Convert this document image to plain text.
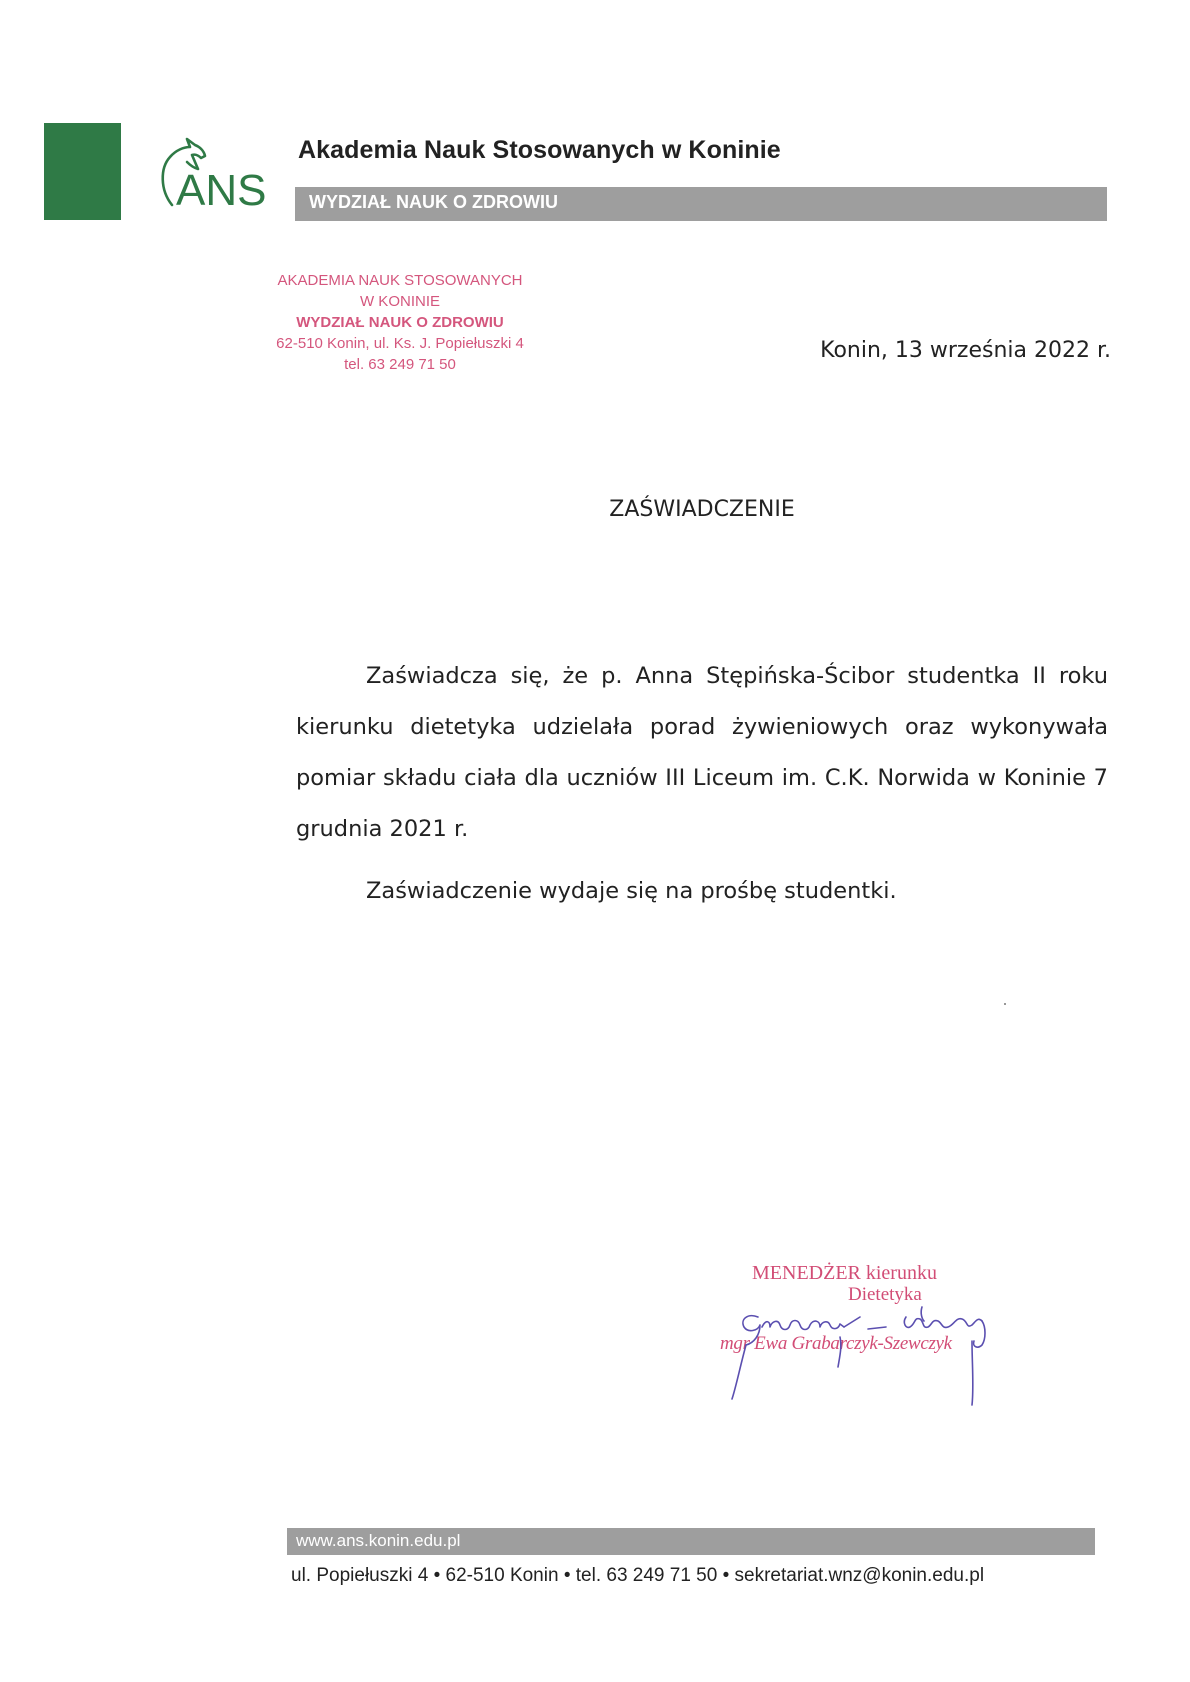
ANS
Akademia Nauk Stosowanych w Koninie
WYDZIAŁ NAUK O ZDROWIU
AKADEMIA NAUK STOSOWANYCH
W KONINIE
WYDZIAŁ NAUK O ZDROWIU
62-510 Konin, ul. Ks. J. Popiełuszki 4
tel. 63 249 71 50
Konin, 13 września 2022 r.
ZAŚWIADCZENIE
Zaświadcza się, że p. Anna Stępińska-Ścibor studentka II roku kierunku dietetyka udzielała porad żywieniowych oraz wykonywała pomiar składu ciała dla uczniów III Liceum im. C.K. Norwida w Koninie 7 grudnia 2021 r.
Zaświadczenie wydaje się na prośbę studentki.
MENEDŻER kierunku
Dietetyka
mgr Ewa Grabarczyk-Szewczyk
www.ans.konin.edu.pl
ul. Popiełuszki 4 • 62-510 Konin • tel. 63 249 71 50 • sekretariat.wnz@konin.edu.pl
